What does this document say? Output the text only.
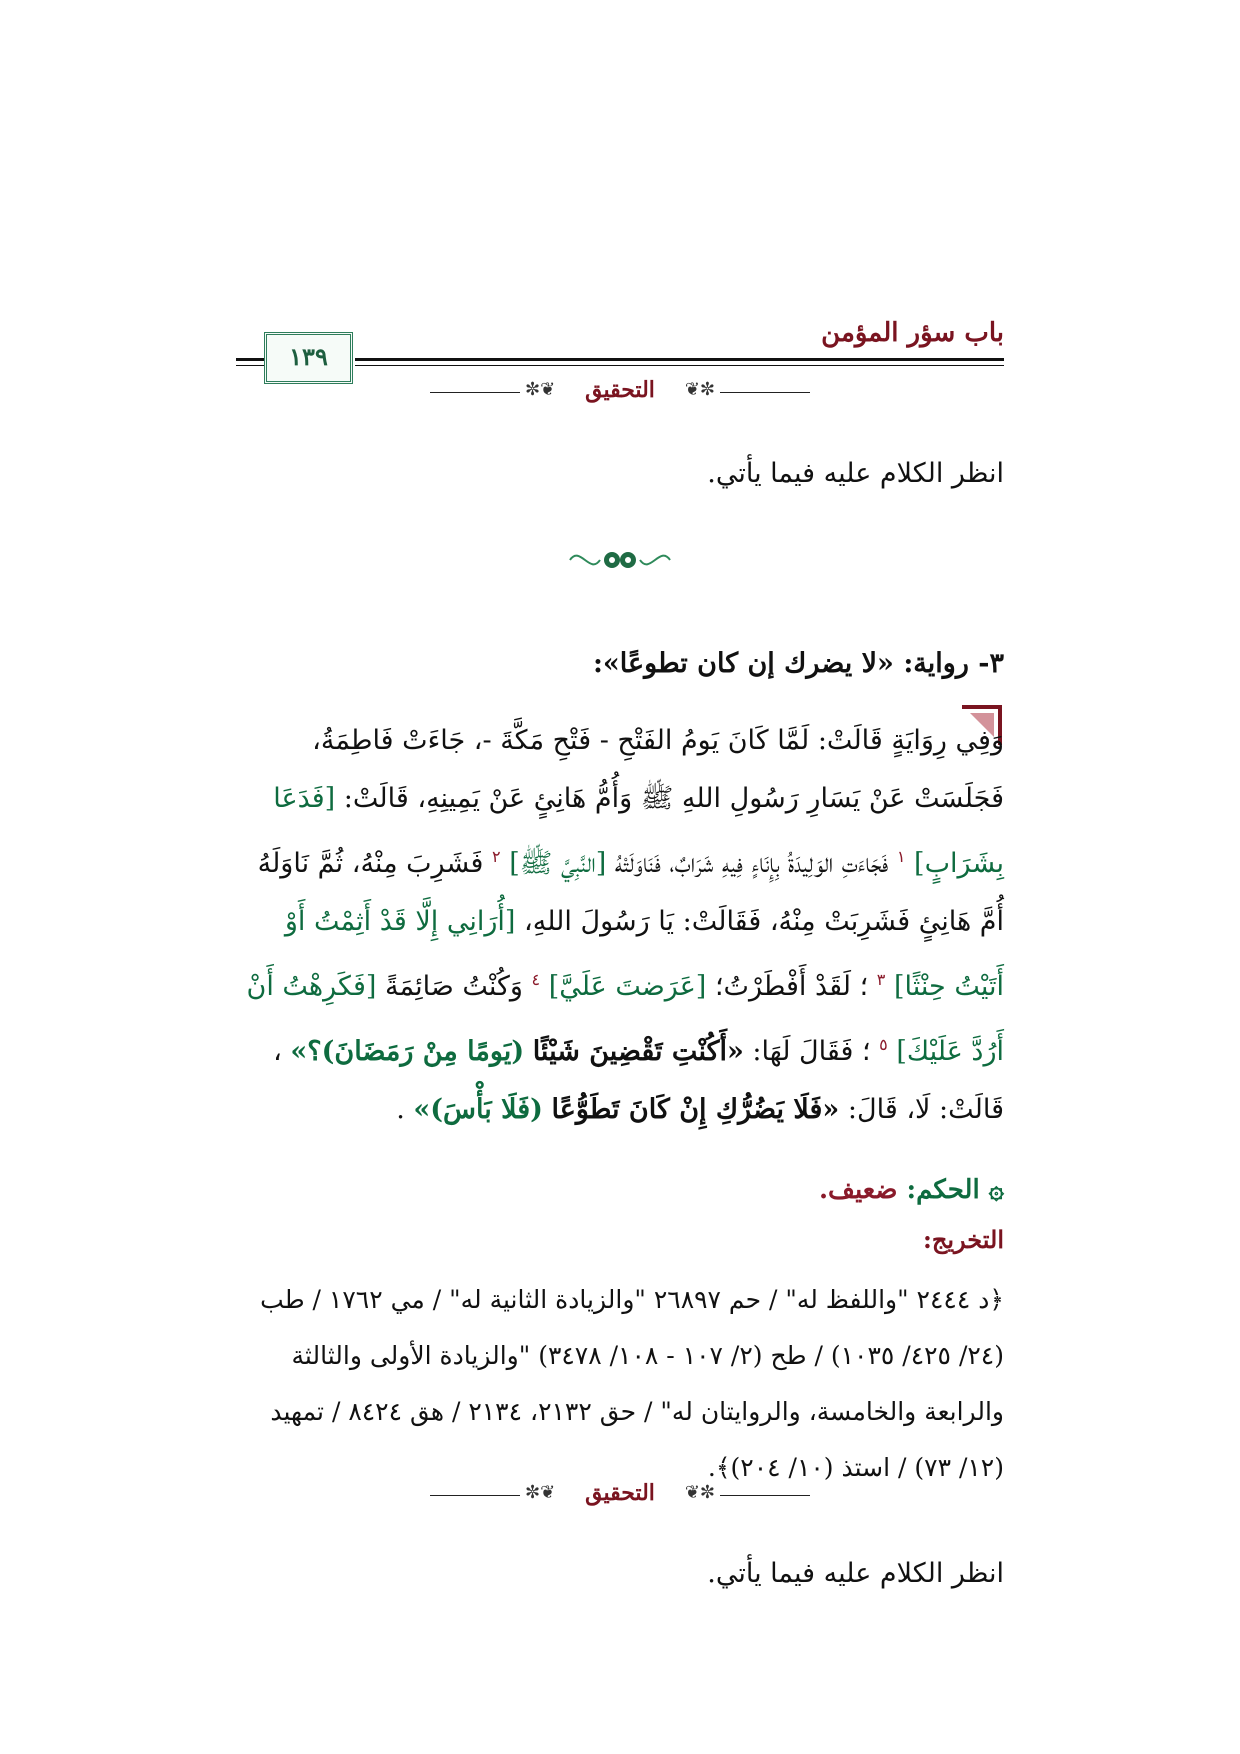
باب سؤر المؤمن
١٣٩
✼❦ التحقيق ❦✼

انظر الكلام عليه فيما يأتي.

٣- رواية: «لا يضرك إن كان تطوعًا»:

وَفِي رِوَايَةٍ قَالَتْ: لَمَّا كَانَ يَومُ الفَتْحِ - فَتْحِ مَكَّةَ -، جَاءَتْ فَاطِمَةُ، فَجَلَسَتْ عَنْ يَسَارِ رَسُولِ اللهِ ﷺ وَأُمُّ هَانِئٍ عَنْ يَمِينِهِ، قَالَتْ: [فَدَعَا بِشَرَابٍ] $^١$ فَجَاءَتِ الوَلِيدَةُ بِإِنَاءٍ فِيهِ شَرَابٌ، فَنَاوَلَتْهُ [النَّبِيَّ ﷺ] $^٢$ فَشَرِبَ مِنْهُ، ثُمَّ نَاوَلَهُ أُمَّ هَانِئٍ فَشَرِبَتْ مِنْهُ، فَقَالَتْ: يَا رَسُولَ اللهِ، [أُرَانِي إِلَّا قَدْ أَثِمْتُ أَوْ أَتَيْتُ حِنْثًا] $^٣$ ؛ لَقَدْ أَفْطَرْتُ؛ [عَرَضتَ عَلَيَّ] $^٤$ وَكُنْتُ صَائِمَةً [فَكَرِهْتُ أَنْ أَرُدَّ عَلَيْكَ] $^٥$ ؛ فَقَالَ لَهَا: «أَكُنْتِ تَقْضِينَ شَيْئًا (يَومًا مِنْ رَمَضَانَ)؟» ، قَالَتْ: لَا، قَالَ: «فَلَا يَضُرُّكِ إِنْ كَانَ تَطَوُّعًا (فَلَا بَأْسَ)» .

۞ الحكم: ضعيف.
التخريج:

﴿د ٢٤٤٤ "واللفظ له" / حم ٢٦٨٩٧ "والزيادة الثانية له" / مي ١٧٦٢ / طب (٢٤/ ٤٢٥/ ١٠٣٥) / طح (٢/ ١٠٧ - ١٠٨/ ٣٤٧٨) "والزيادة الأولى والثالثة والرابعة والخامسة، والروايتان له" / حق ٢١٣٢، ٢١٣٤ / هق ٨٤٢٤ / تمهيد (١٢/ ٧٣) / استذ (١٠/ ٢٠٤)﴾.

✼❦ التحقيق ❦✼

انظر الكلام عليه فيما يأتي.
